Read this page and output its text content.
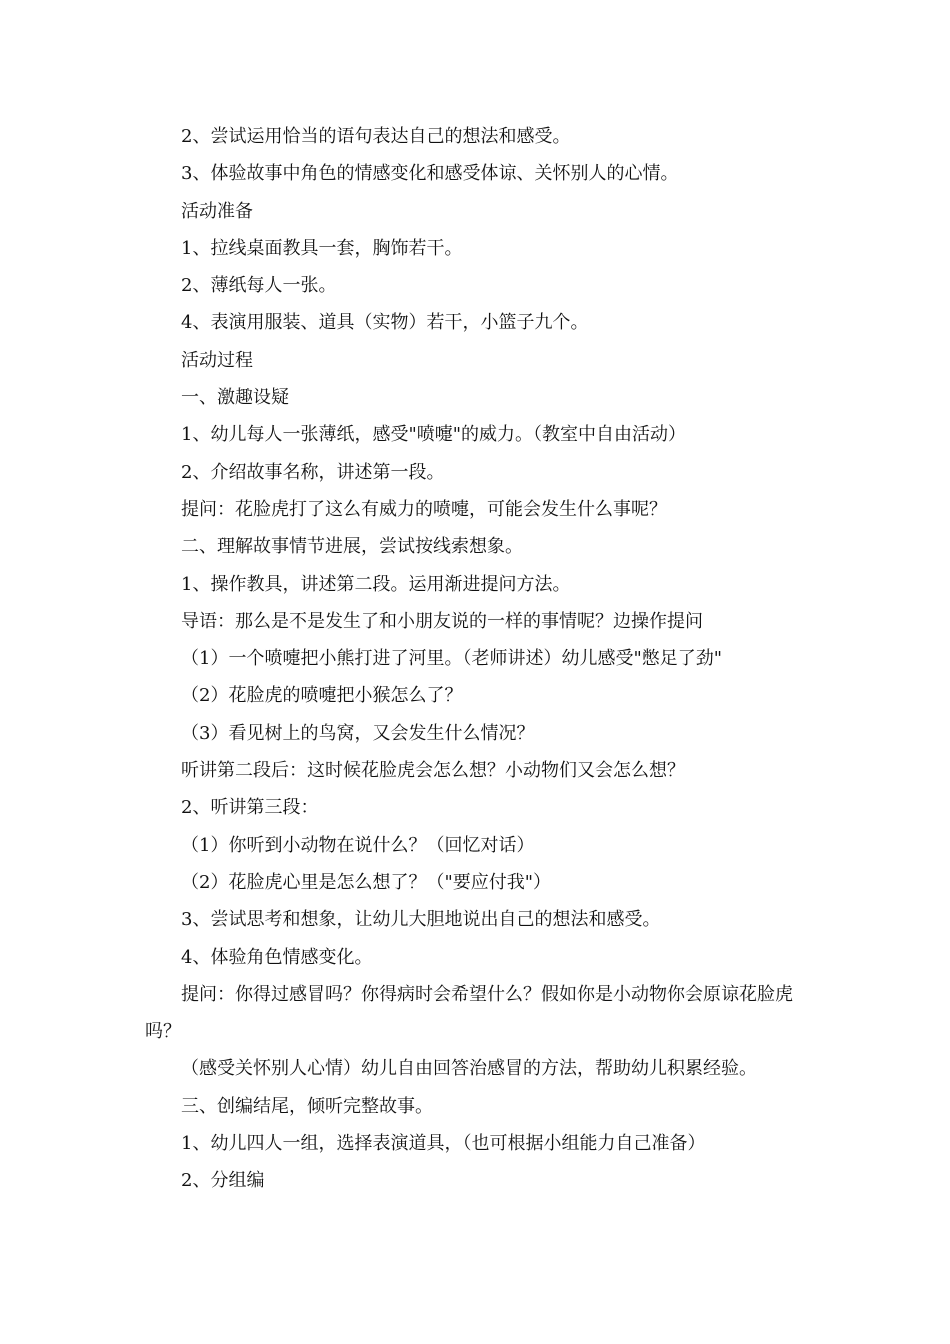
2、尝试运用恰当的语句表达自己的想法和感受。
3、体验故事中角色的情感变化和感受体谅、关怀别人的心情。
活动准备
1、拉线桌面教具一套，胸饰若干。
2、薄纸每人一张。
4、表演用服装、道具（实物）若干，小篮子九个。
活动过程
一、激趣设疑
1、幼儿每人一张薄纸，感受"喷嚏"的威力。（教室中自由活动）
2、介绍故事名称，讲述第一段。
提问：花脸虎打了这么有威力的喷嚏，可能会发生什么事呢？
二、理解故事情节进展，尝试按线索想象。
1、操作教具，讲述第二段。运用渐进提问方法。
导语：那么是不是发生了和小朋友说的一样的事情呢？边操作提问
（1）一个喷嚏把小熊打进了河里。（老师讲述）幼儿感受"憋足了劲"
（2）花脸虎的喷嚏把小猴怎么了？
（3）看见树上的鸟窝，又会发生什么情况？
听讲第二段后：这时候花脸虎会怎么想？小动物们又会怎么想？
2、听讲第三段：
（1）你听到小动物在说什么？（回忆对话）
（2）花脸虎心里是怎么想了？（"要应付我"）
3、尝试思考和想象，让幼儿大胆地说出自己的想法和感受。
4、体验角色情感变化。
提问：你得过感冒吗？你得病时会希望什么？假如你是小动物你会原谅花脸虎吗？
（感受关怀别人心情）幼儿自由回答治感冒的方法，帮助幼儿积累经验。
三、创编结尾，倾听完整故事。
1、幼儿四人一组，选择表演道具，（也可根据小组能力自己准备）
2、分组编
